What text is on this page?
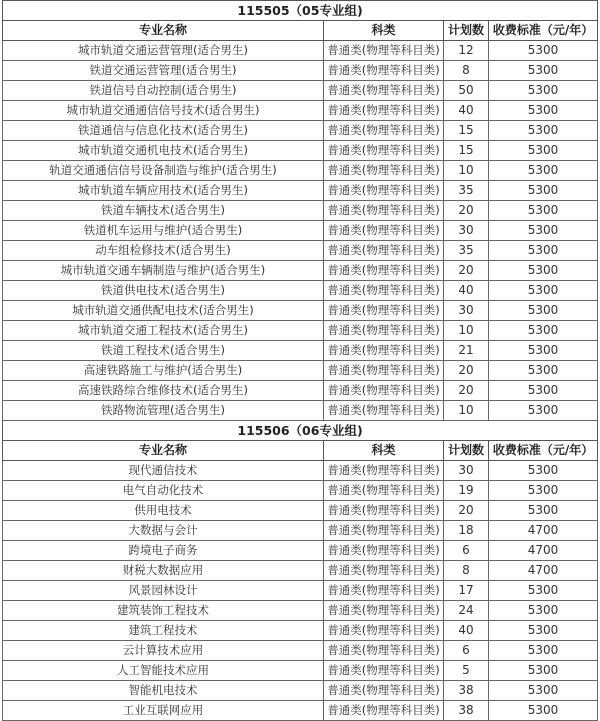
115505（05专业组)			
专业名称	科类	计划数	收费标准（元/年）
城市轨道交通运营管理(适合男生)	普通类(物理等科目类)	12	5300
铁道交通运营管理(适合男生)	普通类(物理等科目类)	8	5300
铁道信号自动控制(适合男生)	普通类(物理等科目类)	50	5300
城市轨道交通通信信号技术(适合男生)	普通类(物理等科目类)	40	5300
铁道通信与信息化技术(适合男生)	普通类(物理等科目类)	15	5300
城市轨道交通机电技术(适合男生)	普通类(物理等科目类)	15	5300
轨道交通通信信号设备制造与维护(适合男生)	普通类(物理等科目类)	10	5300
城市轨道车辆应用技术(适合男生)	普通类(物理等科目类)	35	5300
铁道车辆技术(适合男生)	普通类(物理等科目类)	20	5300
铁道机车运用与维护(适合男生)	普通类(物理等科目类)	30	5300
动车组检修技术(适合男生)	普通类(物理等科目类)	35	5300
城市轨道交通车辆制造与维护(适合男生)	普通类(物理等科目类)	20	5300
铁道供电技术(适合男生)	普通类(物理等科目类)	40	5300
城市轨道交通供配电技术(适合男生)	普通类(物理等科目类)	30	5300
城市轨道交通工程技术(适合男生)	普通类(物理等科目类)	10	5300
铁道工程技术(适合男生)	普通类(物理等科目类)	21	5300
高速铁路施工与维护(适合男生)	普通类(物理等科目类)	20	5300
高速铁路综合维修技术(适合男生)	普通类(物理等科目类)	20	5300
铁路物流管理(适合男生)	普通类(物理等科目类)	10	5300
115506（06专业组)			
专业名称	科类	计划数	收费标准（元/年）
现代通信技术	普通类(物理等科目类)	30	5300
电气自动化技术	普通类(物理等科目类)	19	5300
供用电技术	普通类(物理等科目类)	20	5300
大数据与会计	普通类(物理等科目类)	18	4700
跨境电子商务	普通类(物理等科目类)	6	4700
财税大数据应用	普通类(物理等科目类)	8	4700
风景园林设计	普通类(物理等科目类)	17	5300
建筑装饰工程技术	普通类(物理等科目类)	24	5300
建筑工程技术	普通类(物理等科目类)	40	5300
云计算技术应用	普通类(物理等科目类)	6	5300
人工智能技术应用	普通类(物理等科目类)	5	5300
智能机电技术	普通类(物理等科目类)	38	5300
工业互联网应用	普通类(物理等科目类)	38	5300
